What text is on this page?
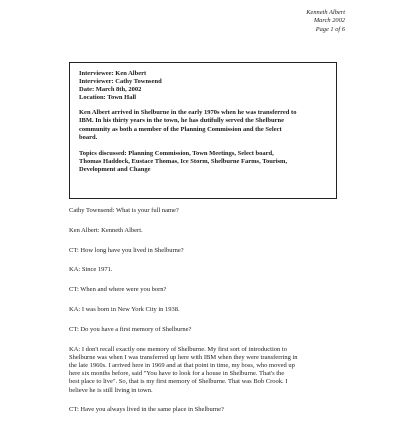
Kenneth Albert
March 2002
Page 1 of 6
Interviewee: Ken Albert
Interviewer: Cathy Townsend
Date: March 8th, 2002
Location: Town Hall
Ken Albert arrived in Shelburne in the early 1970s when he was transferred to
IBM. In his thirty years in the town, he has dutifully served the Shelburne
community as both a member of the Planning Commission and the Select
board.
Topics discussed: Planning Commission, Town Meetings, Select board,
Thomas Haddock, Eustace Thomas, Ice Storm, Shelburne Farms, Tourism,
Development and Change
Cathy Townsend: What is your full name?
Ken Albert: Kenneth Albert.
CT: How long have you lived in Shelburne?
KA: Since 1971.
CT: When and where were you born?
KA: I was born in New York City in 1938.
CT: Do you have a first memory of Shelburne?
KA: I don't recall exactly one memory of Shelburne. My first sort of introduction to
Shelburne was when I was transferred up here with IBM when they were transferring in
the late 1960s. I arrived here in 1969 and at that point in time, my boss, who moved up
here six months before, said "You have to look for a house in Shelburne. That's the
best place to live". So, that is my first memory of Shelburne. That was Bob Crook. I
believe he is still living in town.
CT: Have you always lived in the same place in Shelburne?
